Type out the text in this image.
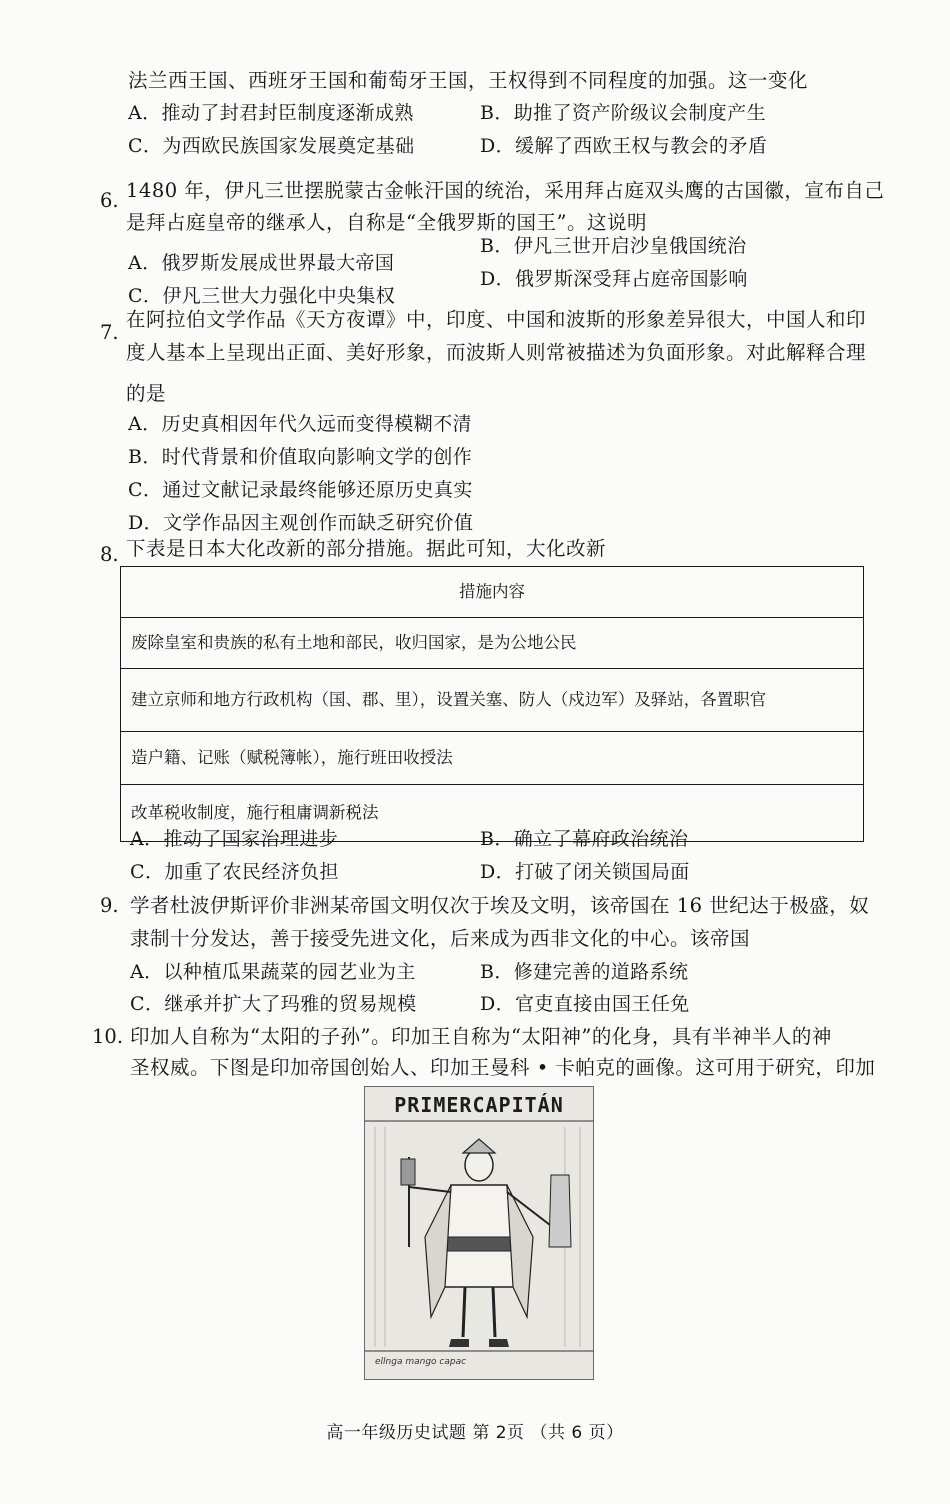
法兰西王国、西班牙王国和葡萄牙王国，王权得到不同程度的加强。这一变化
A．推动了封君封臣制度逐渐成熟	B．助推了资产阶级议会制度产生
C．为西欧民族国家发展奠定基础	D．缓解了西欧王权与教会的矛盾
6. 1480 年，伊凡三世摆脱蒙古金帐汗国的统治，采用拜占庭双头鹰的古国徽，宣布自己
是拜占庭皇帝的继承人，自称是“全俄罗斯的国王”。这说明
A．俄罗斯发展成世界最大帝国
B．伊凡三世开启沙皇俄国统治
C．伊凡三世大力强化中央集权
D．俄罗斯深受拜占庭帝国影响
7.
在阿拉伯文学作品《天方夜谭》中，印度、中国和波斯的形象差异很大，中国人和印
度人基本上呈现出正面、美好形象，而波斯人则常被描述为负面形象。对此解释合理
的是
A．历史真相因年代久远而变得模糊不清
B．时代背景和价值取向影响文学的创作
C．通过文献记录最终能够还原历史真实
D．文学作品因主观创作而缺乏研究价值
8. 下表是日本大化改新的部分措施。据此可知，大化改新
措施内容
废除皇室和贵族的私有土地和部民，收归国家，是为公地公民
建立京师和地方行政机构（国、郡、里），设置关塞、防人（戍边军）及驿站，各置职官
造户籍、记账（赋税簿帐），施行班田收授法
改革税收制度，施行租庸调新税法
A．推动了国家治理进步	B．确立了幕府政治统治
C．加重了农民经济负担	D．打破了闭关锁国局面
9. 学者杜波伊斯评价非洲某帝国文明仅次于埃及文明，该帝国在 16 世纪达于极盛，奴
隶制十分发达，善于接受先进文化，后来成为西非文化的中心。该帝国
A．以种植瓜果蔬菜的园艺业为主	B．修建完善的道路系统
C．继承并扩大了玛雅的贸易规模	D．官吏直接由国王任免
10. 印加人自称为“太阳的子孙”。印加王自称为“太阳神”的化身，具有半神半人的神
圣权威。下图是印加帝国创始人、印加王曼科 • 卡帕克的画像。这可用于研究，印加
PRIMERCAPITÁN
ellnga mango capac
高一年级历史试题 第 2页 （共 6 页）
